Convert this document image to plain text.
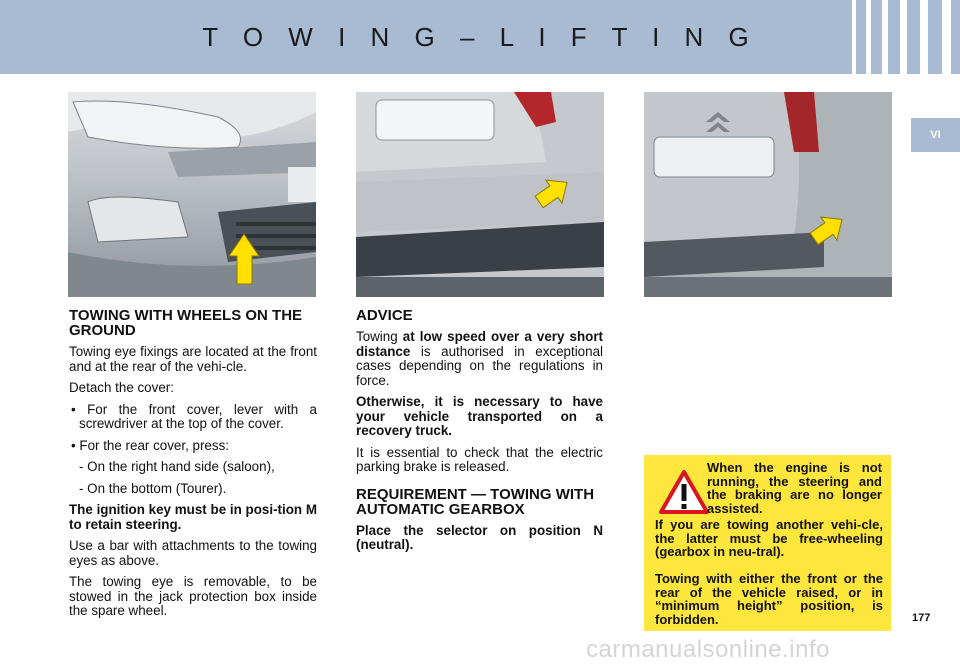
T O W I N G – L I F T I N G
VI
TOWING WITH WHEELS ON THE GROUND

Towing eye fixings are located at the front and at the rear of the vehi-cle.

Detach the cover:

• For the front cover, lever with a screwdriver at the top of the cover.

• For the rear cover, press:

- On the right hand side (saloon),

- On the bottom (Tourer).

The ignition key must be in posi-tion M to retain steering.

Use a bar with attachments to the towing eyes as above.

The towing eye is removable, to be stowed in the jack protection box inside the spare wheel.

ADVICE

Towing at low speed over a very short distance is authorised in exceptional cases depending on the regulations in force.

Otherwise, it is necessary to have your vehicle transported on a recovery truck.

It is essential to check that the electric parking brake is released.

REQUIREMENT — TOWING WITH AUTOMATIC GEARBOX

Place the selector on position N (neutral).

When the engine is not running, the steering and the braking are no longer assisted.
If you are towing another vehi-cle, the latter must be free-wheeling (gearbox in neu-tral).
Towing with either the front or the rear of the vehicle raised, or in “minimum height” position, is forbidden.	177
carmanualsonline.info
